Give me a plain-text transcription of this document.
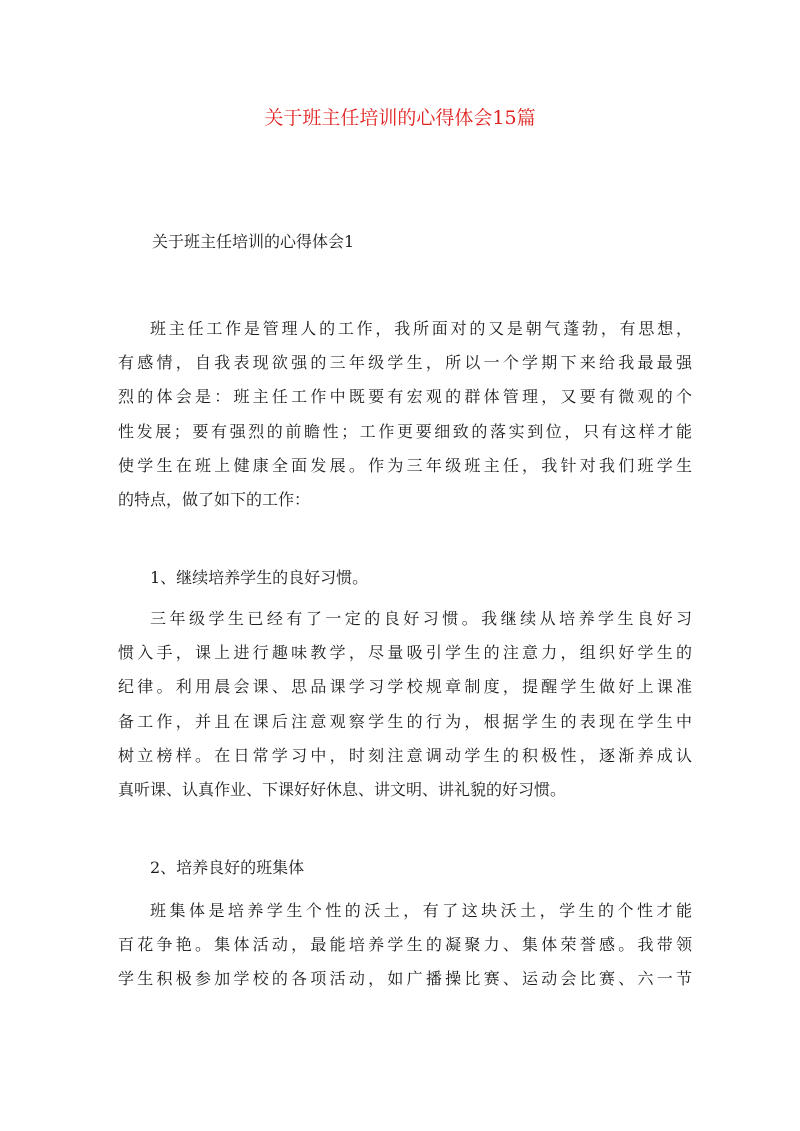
关于班主任培训的心得体会15篇
关于班主任培训的心得体会1
班主任工作是管理人的工作，我所面对的又是朝气蓬勃，有思想，
有感情，自我表现欲强的三年级学生，所以一个学期下来给我最最强
烈的体会是：班主任工作中既要有宏观的群体管理，又要有微观的个
性发展；要有强烈的前瞻性；工作更要细致的落实到位，只有这样才能
使学生在班上健康全面发展。作为三年级班主任，我针对我们班学生
的特点，做了如下的工作：
1、继续培养学生的良好习惯。
三年级学生已经有了一定的良好习惯。我继续从培养学生良好习
惯入手，课上进行趣味教学，尽量吸引学生的注意力，组织好学生的
纪律。利用晨会课、思品课学习学校规章制度，提醒学生做好上课准
备工作，并且在课后注意观察学生的行为，根据学生的表现在学生中
树立榜样。在日常学习中，时刻注意调动学生的积极性，逐渐养成认
真听课、认真作业、下课好好休息、讲文明、讲礼貌的好习惯。
2、培养良好的班集体
班集体是培养学生个性的沃土，有了这块沃土，学生的个性才能
百花争艳。集体活动，最能培养学生的凝聚力、集体荣誉感。我带领
学生积极参加学校的各项活动，如广播操比赛、运动会比赛、六一节
